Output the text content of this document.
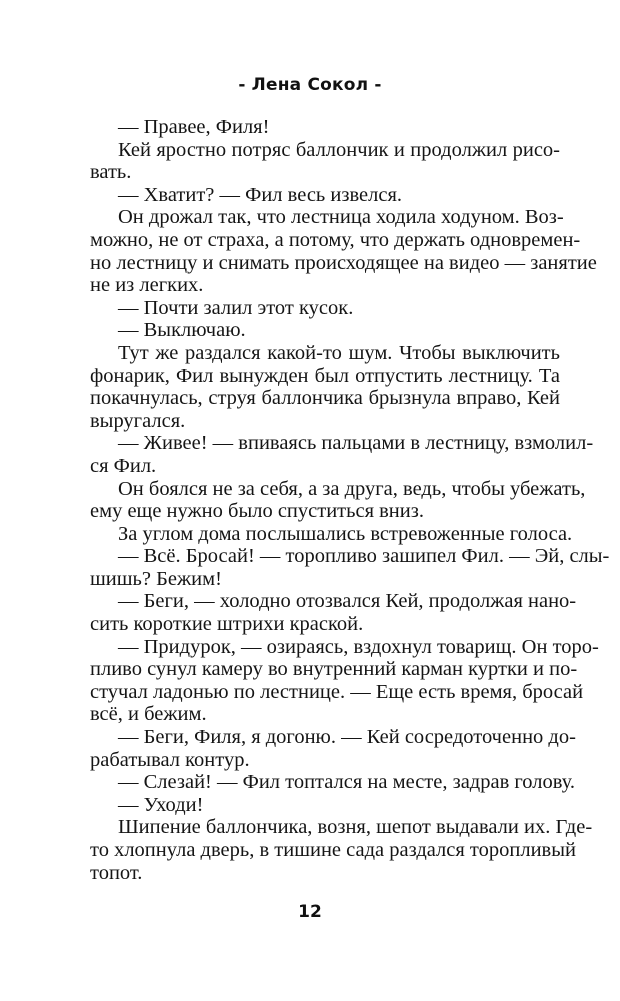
- Лена Сокол -
— Правее, Филя!
Кей яростно потряс баллончик и продолжил рисо-
вать.
— Хватит? — Фил весь извелся.
Он дрожал так, что лестница ходила ходуном. Воз-
можно, не от страха, а потому, что держать одновремен-
но лестницу и снимать происходящее на видео — занятие
не из легких.
— Почти залил этот кусок.
— Выключаю.
Тут же раздался какой-то шум. Чтобы выключить
фонарик, Фил вынужден был отпустить лестницу. Та
покачнулась, струя баллончика брызнула вправо, Кей
выругался.
— Живее! — впиваясь пальцами в лестницу, взмолил-
ся Фил.
Он боялся не за себя, а за друга, ведь, чтобы убежать,
ему еще нужно было спуститься вниз.
За углом дома послышались встревоженные голоса.
— Всё. Бросай! — торопливо зашипел Фил. — Эй, слы-
шишь? Бежим!
— Беги, — холодно отозвался Кей, продолжая нано-
сить короткие штрихи краской.
— Придурок, — озираясь, вздохнул товарищ. Он торо-
пливо сунул камеру во внутренний карман куртки и по-
стучал ладонью по лестнице. — Еще есть время, бросай
всё, и бежим.
— Беги, Филя, я догоню. — Кей сосредоточенно до-
рабатывал контур.
— Слезай! — Фил топтался на месте, задрав голову.
— Уходи!
Шипение баллончика, возня, шепот выдавали их. Где-
то хлопнула дверь, в тишине сада раздался торопливый
топот.
12
